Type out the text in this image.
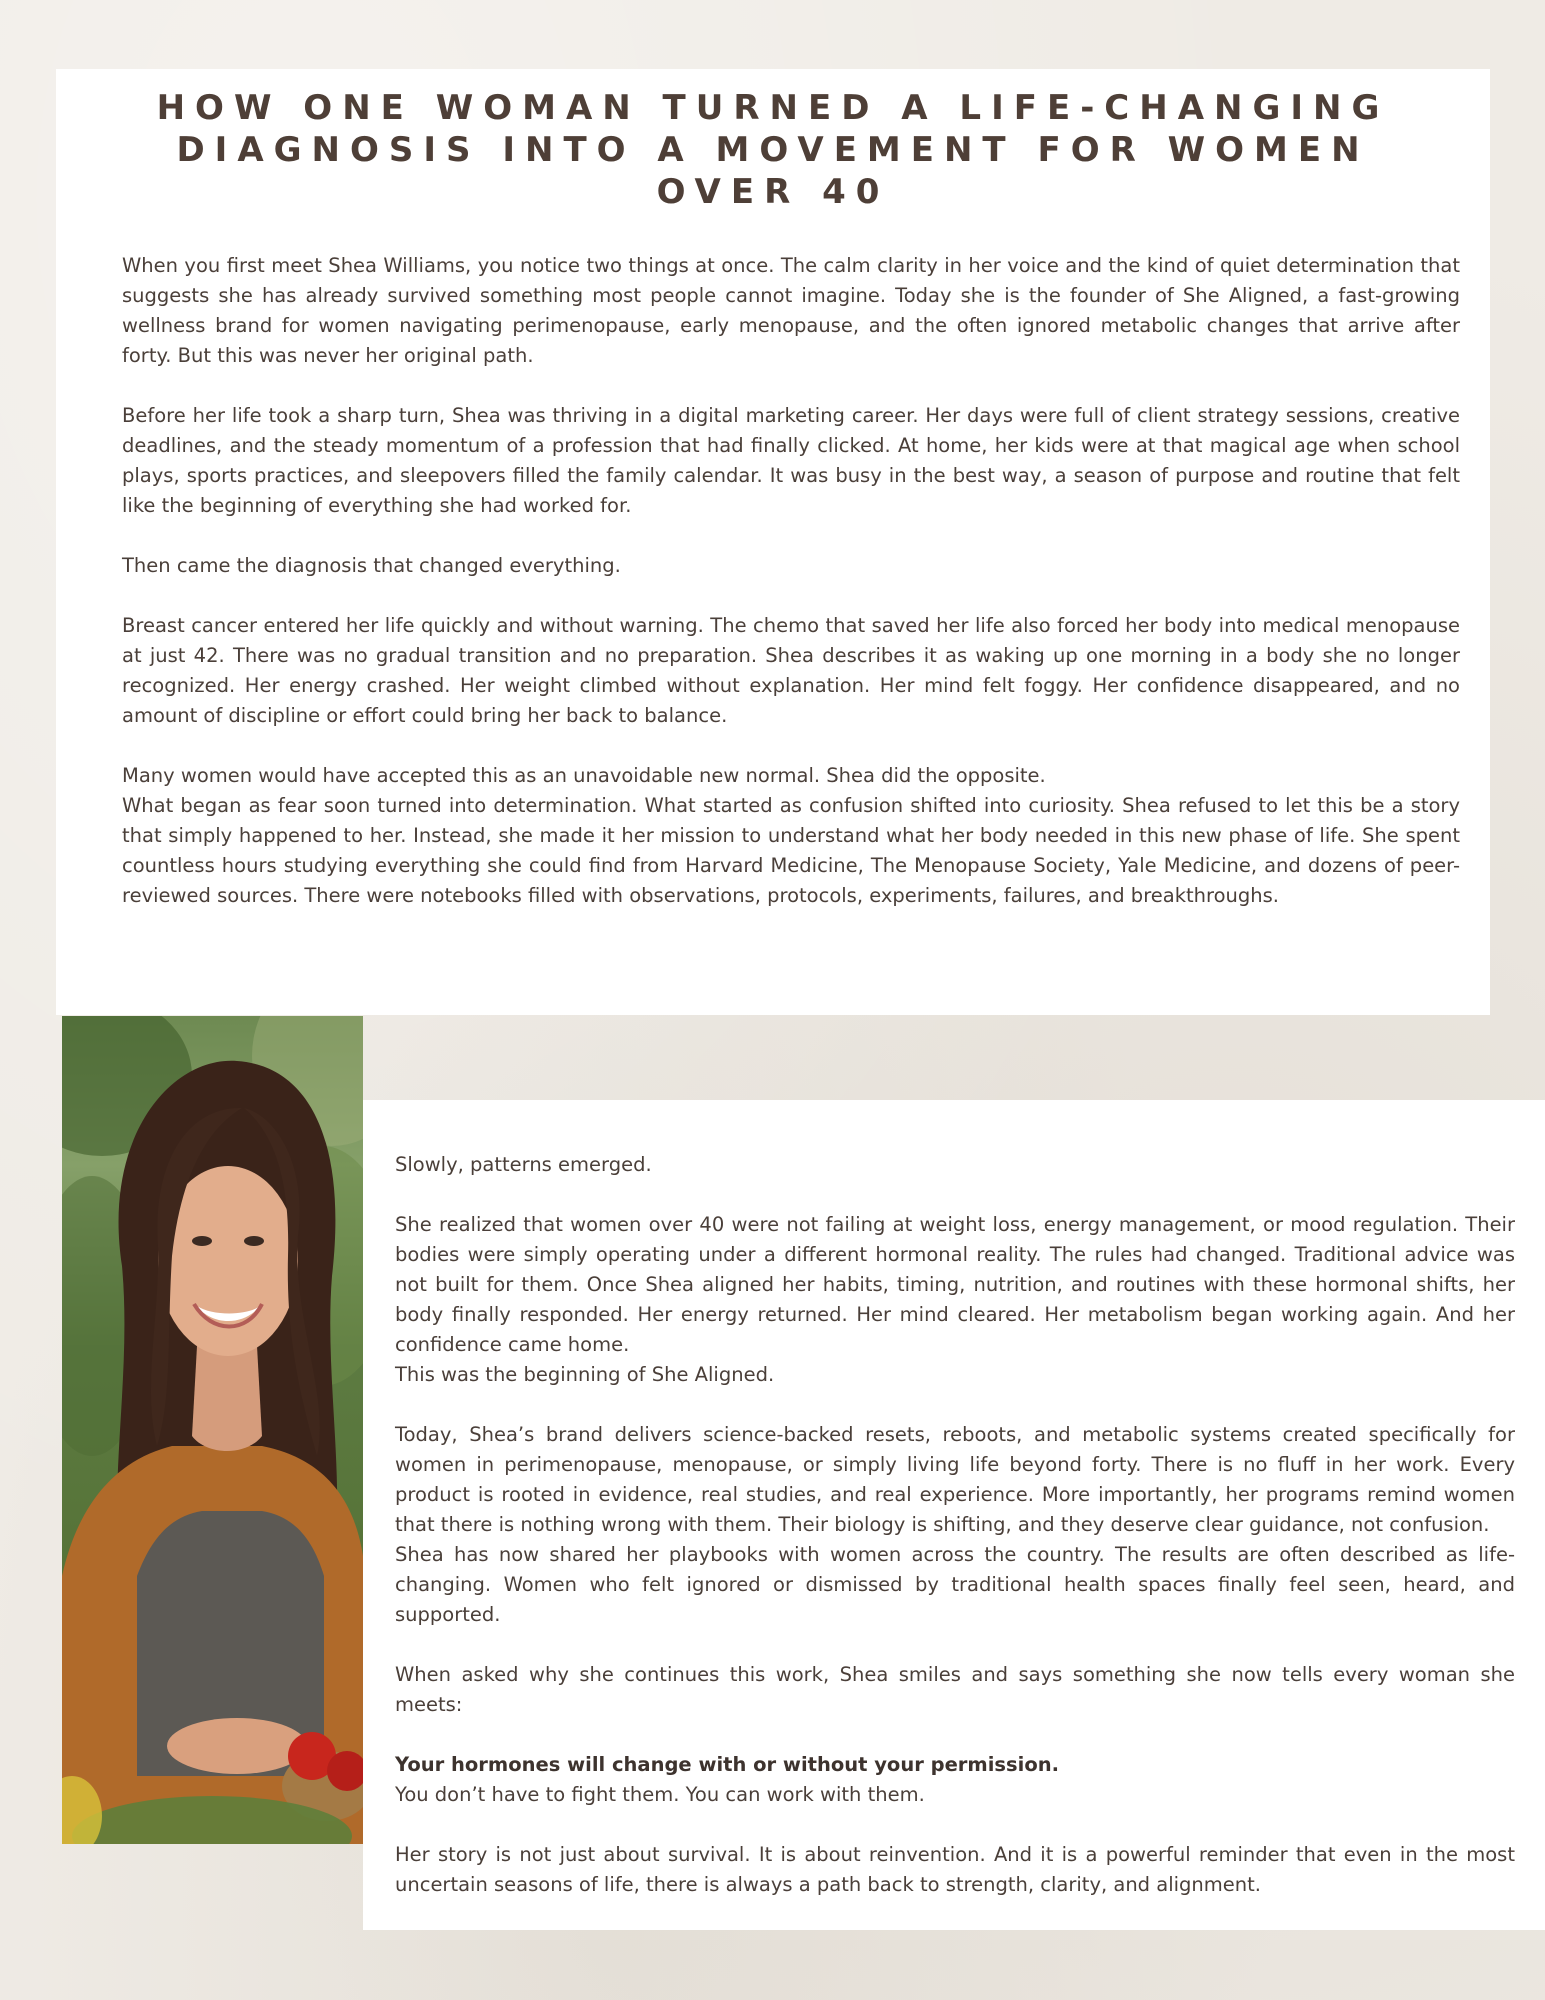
HOW ONE WOMAN TURNED A LIFE-CHANGING DIAGNOSIS INTO A MOVEMENT FOR WOMEN OVER 40

When you first meet Shea Williams, you notice two things at once. The calm clarity in her voice and the kind of quiet determination that suggests she has already survived something most people cannot imagine. Today she is the founder of She Aligned, a fast-growing wellness brand for women navigating perimenopause, early menopause, and the often ignored metabolic changes that arrive after forty. But this was never her original path.

Before her life took a sharp turn, Shea was thriving in a digital marketing career. Her days were full of client strategy sessions, creative deadlines, and the steady momentum of a profession that had finally clicked. At home, her kids were at that magical age when school plays, sports practices, and sleepovers filled the family calendar. It was busy in the best way, a season of purpose and routine that felt like the beginning of everything she had worked for.

Then came the diagnosis that changed everything.

Breast cancer entered her life quickly and without warning. The chemo that saved her life also forced her body into medical menopause at just 42. There was no gradual transition and no preparation. Shea describes it as waking up one morning in a body she no longer recognized. Her energy crashed. Her weight climbed without explanation. Her mind felt foggy. Her confidence disappeared, and no amount of discipline or effort could bring her back to balance.

Many women would have accepted this as an unavoidable new normal. Shea did the opposite.

What began as fear soon turned into determination. What started as confusion shifted into curiosity. Shea refused to let this be a story that simply happened to her. Instead, she made it her mission to understand what her body needed in this new phase of life. She spent countless hours studying everything she could find from Harvard Medicine, The Menopause Society, Yale Medicine, and dozens of peer-reviewed sources. There were notebooks filled with observations, protocols, experiments, failures, and breakthroughs.

Slowly, patterns emerged.

She realized that women over 40 were not failing at weight loss, energy management, or mood regulation. Their bodies were simply operating under a different hormonal reality. The rules had changed. Traditional advice was not built for them. Once Shea aligned her habits, timing, nutrition, and routines with these hormonal shifts, her body finally responded. Her energy returned. Her mind cleared. Her metabolism began working again. And her confidence came home.

This was the beginning of She Aligned.

Today, Shea’s brand delivers science-backed resets, reboots, and metabolic systems created specifically for women in perimenopause, menopause, or simply living life beyond forty. There is no fluff in her work. Every product is rooted in evidence, real studies, and real experience. More importantly, her programs remind women that there is nothing wrong with them. Their biology is shifting, and they deserve clear guidance, not confusion.

Shea has now shared her playbooks with women across the country. The results are often described as life-changing. Women who felt ignored or dismissed by traditional health spaces finally feel seen, heard, and supported.

When asked why she continues this work, Shea smiles and says something she now tells every woman she meets:

Your hormones will change with or without your permission.

You don’t have to fight them. You can work with them.

Her story is not just about survival. It is about reinvention. And it is a powerful reminder that even in the most uncertain seasons of life, there is always a path back to strength, clarity, and alignment.
